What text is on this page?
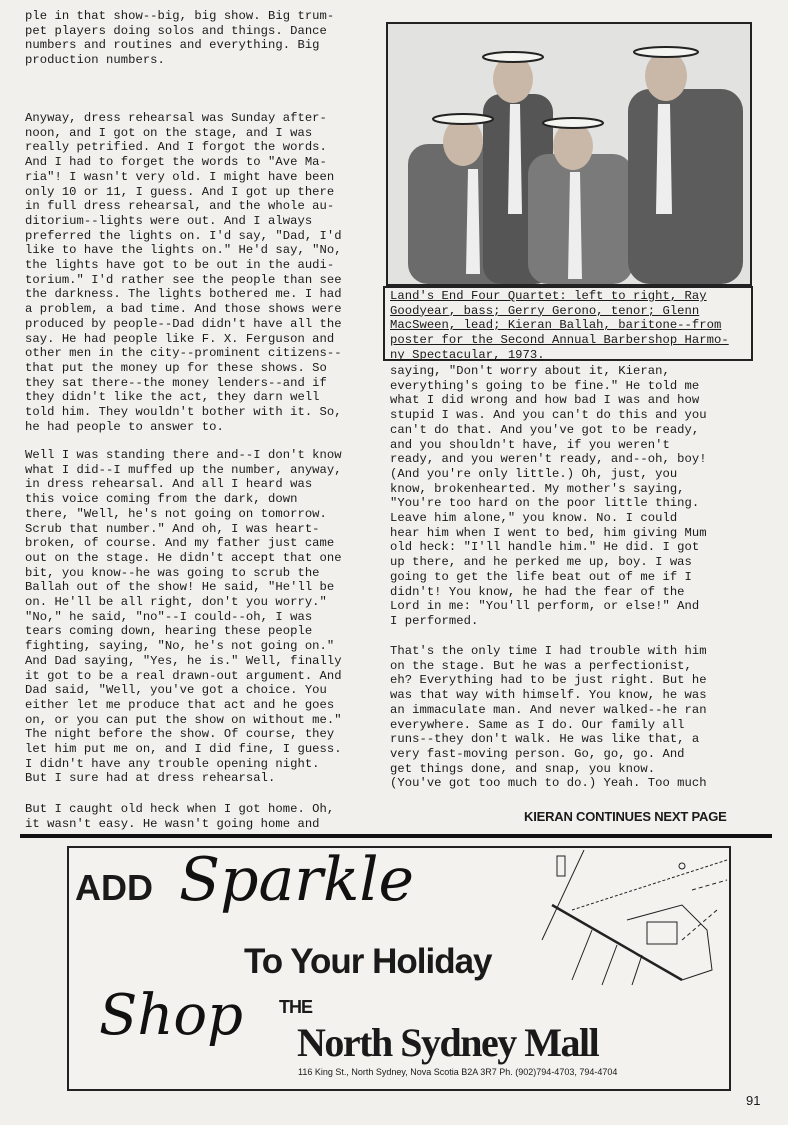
ple in that show--big, big show. Big trum-
pet players doing solos and things. Dance
numbers and routines and everything. Big
production numbers.
Anyway, dress rehearsal was Sunday after-
noon, and I got on the stage, and I was
really petrified. And I forgot the words.
And I had to forget the words to "Ave Ma-
ria"! I wasn't very old. I might have been
only 10 or 11, I guess. And I got up there
in full dress rehearsal, and the whole au-
ditorium--lights were out. And I always
preferred the lights on. I'd say, "Dad, I'd
like to have the lights on." He'd say, "No,
the lights have got to be out in the audi-
torium." I'd rather see the people than see
the darkness. The lights bothered me. I had
a problem, a bad time. And those shows were
produced by people--Dad didn't have all the
say. He had people like F. X. Ferguson and
other men in the city--prominent citizens--
that put the money up for these shows. So
they sat there--the money lenders--and if
they didn't like the act, they darn well
told him. They wouldn't bother with it. So,
he had people to answer to.
Well I was standing there and--I don't know
what I did--I muffed up the number, anyway,
in dress rehearsal. And all I heard was
this voice coming from the dark, down
there, "Well, he's not going on tomorrow.
Scrub that number." And oh, I was heart-
broken, of course. And my father just came
out on the stage. He didn't accept that one
bit, you know--he was going to scrub the
Ballah out of the show! He said, "He'll be
on. He'll be all right, don't you worry."
"No," he said, "no"--I could--oh, I was
tears coming down, hearing these people
fighting, saying, "No, he's not going on."
And Dad saying, "Yes, he is." Well, finally
it got to be a real drawn-out argument. And
Dad said, "Well, you've got a choice. You
either let me produce that act and he goes
on, or you can put the show on without me."
The night before the show. Of course, they
let him put me on, and I did fine, I guess.
I didn't have any trouble opening night.
But I sure had at dress rehearsal.
But I caught old heck when I got home. Oh,
it wasn't easy. He wasn't going home and
Land's End Four Quartet: left to right, Ray
Goodyear, bass; Gerry Gerono, tenor; Glenn
MacSween, lead; Kieran Ballah, baritone--from
poster for the Second Annual Barbershop Harmo-
ny Spectacular, 1973.
saying, "Don't worry about it, Kieran,
everything's going to be fine." He told me
what I did wrong and how bad I was and how
stupid I was. And you can't do this and you
can't do that. And you've got to be ready,
and you shouldn't have, if you weren't
ready, and you weren't ready, and--oh, boy!
(And you're only little.) Oh, just, you
know, brokenhearted. My mother's saying,
"You're too hard on the poor little thing.
Leave him alone," you know. No. I could
hear him when I went to bed, him giving Mum
old heck: "I'll handle him." He did. I got
up there, and he perked me up, boy. I was
going to get the life beat out of me if I
didn't! You know, he had the fear of the
Lord in me: "You'll perform, or else!" And
I performed.
That's the only time I had trouble with him
on the stage. But he was a perfectionist,
eh? Everything had to be just right. But he
was that way with himself. You know, he was
an immaculate man. And never walked--he ran
everywhere. Same as I do. Our family all
runs--they don't walk. He was like that, a
very fast-moving person. Go, go, go. And
get things done, and snap, you know.
(You've got too much to do.) Yeah. Too much
KIERAN CONTINUES NEXT PAGE
ADD Sparkle
To Your Holiday
Shop THE
North Sydney Mall
116 King St., North Sydney, Nova Scotia B2A 3R7 Ph. (902)794-4703, 794-4704
91
